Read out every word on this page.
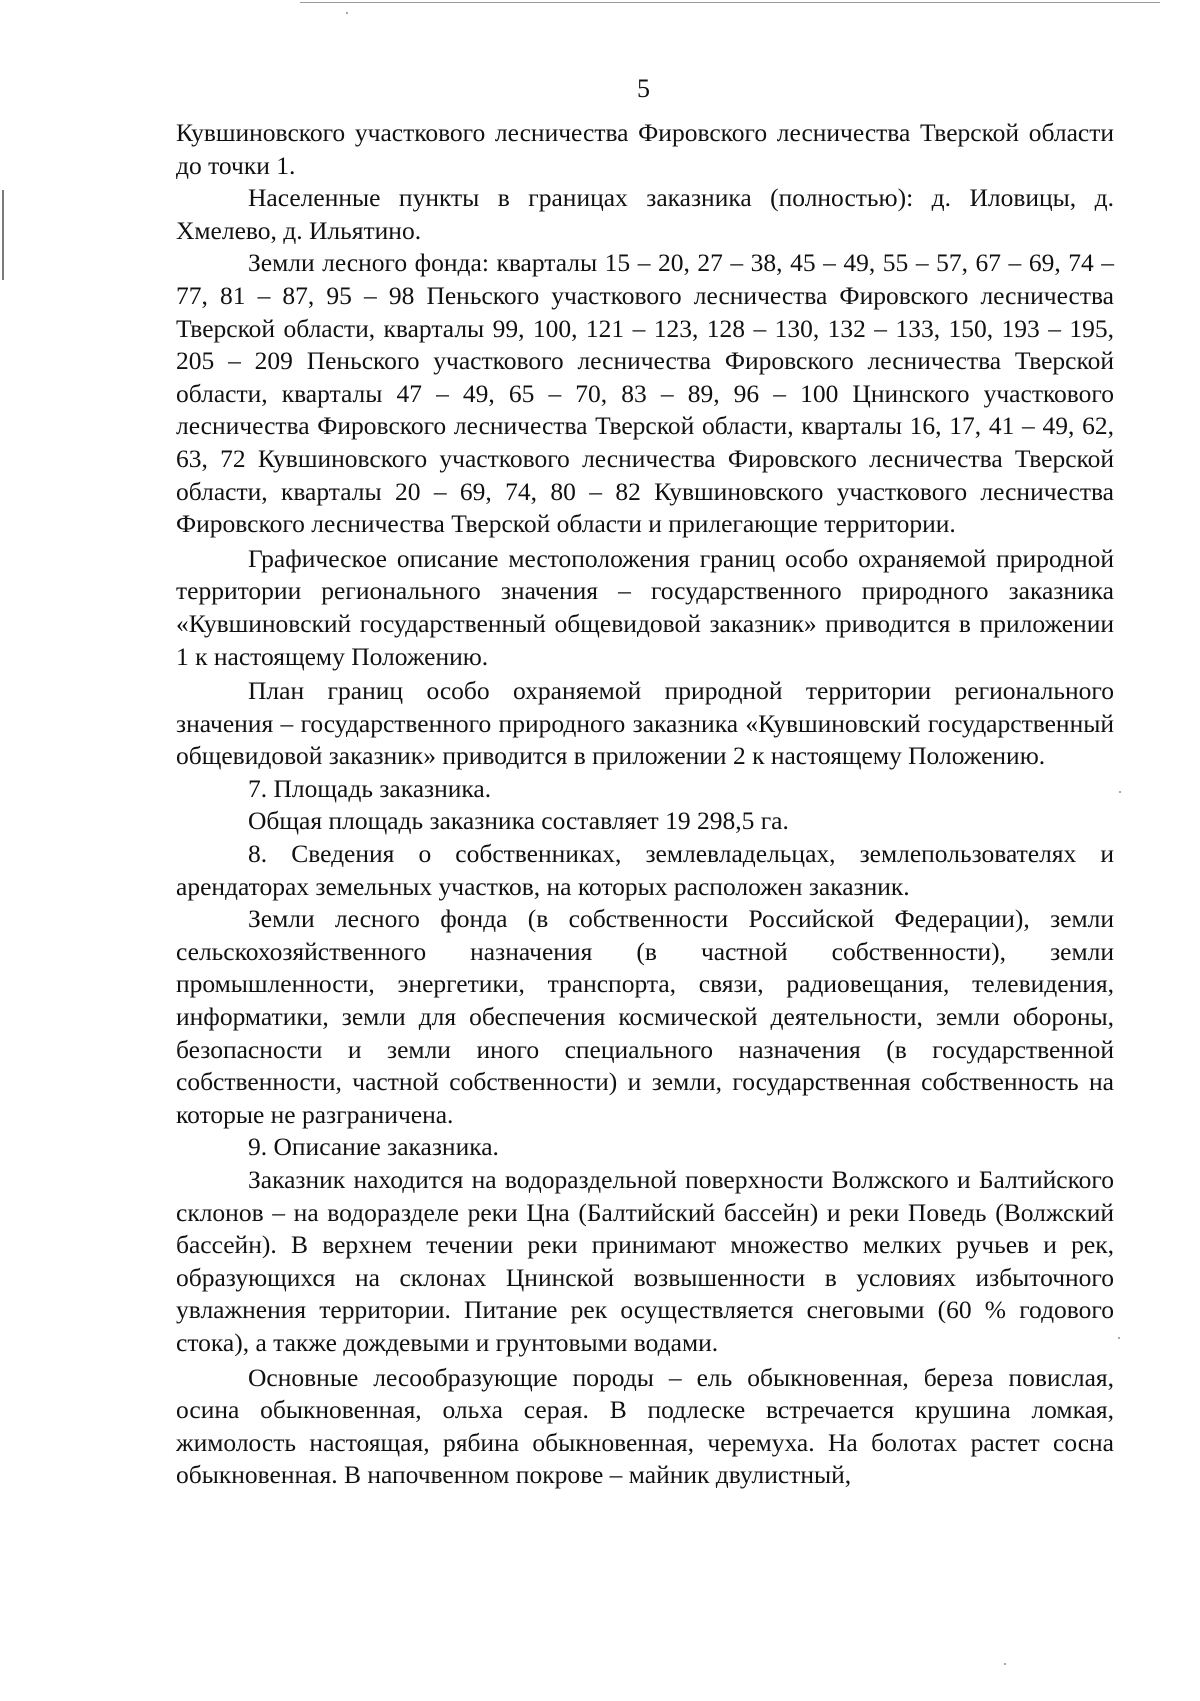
5

Кувшиновского участкового лесничества Фировского лесничества Тверской области до точки 1.

Населенные пункты в границах заказника (полностью): д. Иловицы, д. Хмелево, д. Ильятино.

Земли лесного фонда: кварталы 15 – 20, 27 – 38, 45 – 49, 55 – 57, 67 – 69, 74 – 77, 81 – 87, 95 – 98 Пеньского участкового лесничества Фировского лесничества Тверской области, кварталы 99, 100, 121 – 123, 128 – 130, 132 – 133, 150, 193 – 195, 205 – 209 Пеньского участкового лесничества Фировского лесничества Тверской области, кварталы 47 – 49, 65 – 70, 83 – 89, 96 – 100 Цнинского участкового лесничества Фировского лесничества Тверской области, кварталы 16, 17, 41 – 49, 62, 63, 72 Кувшиновского участкового лесничества Фировского лесничества Тверской области, кварталы 20 – 69, 74, 80 – 82 Кувшиновского участкового лесничества Фировского лесничества Тверской области и прилегающие территории.

Графическое описание местоположения границ особо охраняемой природной территории регионального значения – государственного природного заказника «Кувшиновский государственный общевидовой заказник» приводится в приложении 1 к настоящему Положению.

План границ особо охраняемой природной территории регионального значения – государственного природного заказника «Кувшиновский государственный общевидовой заказник» приводится в приложении 2 к настоящему Положению.

7. Площадь заказника.

Общая площадь заказника составляет 19 298,5 га.

8. Сведения о собственниках, землевладельцах, землепользователях и арендаторах земельных участков, на которых расположен заказник.

Земли лесного фонда (в собственности Российской Федерации), земли сельскохозяйственного назначения (в частной собственности), земли промышленности, энергетики, транспорта, связи, радиовещания, телевидения, информатики, земли для обеспечения космической деятельности, земли обороны, безопасности и земли иного специального назначения (в государственной собственности, частной собственности) и земли, государственная собственность на которые не разграничена.

9. Описание заказника.

Заказник находится на водораздельной поверхности Волжского и Балтийского склонов – на водоразделе реки Цна (Балтийский бассейн) и реки Поведь (Волжский бассейн). В верхнем течении реки принимают множество мелких ручьев и рек, образующихся на склонах Цнинской возвышенности в условиях избыточного увлажнения территории. Питание рек осуществляется снеговыми (60 % годового стока), а также дождевыми и грунтовыми водами.

Основные лесообразующие породы – ель обыкновенная, береза повислая, осина обыкновенная, ольха серая. В подлеске встречается крушина ломкая, жимолость настоящая, рябина обыкновенная, черемуха. На болотах растет сосна обыкновенная. В напочвенном покрове – майник двулистный,
